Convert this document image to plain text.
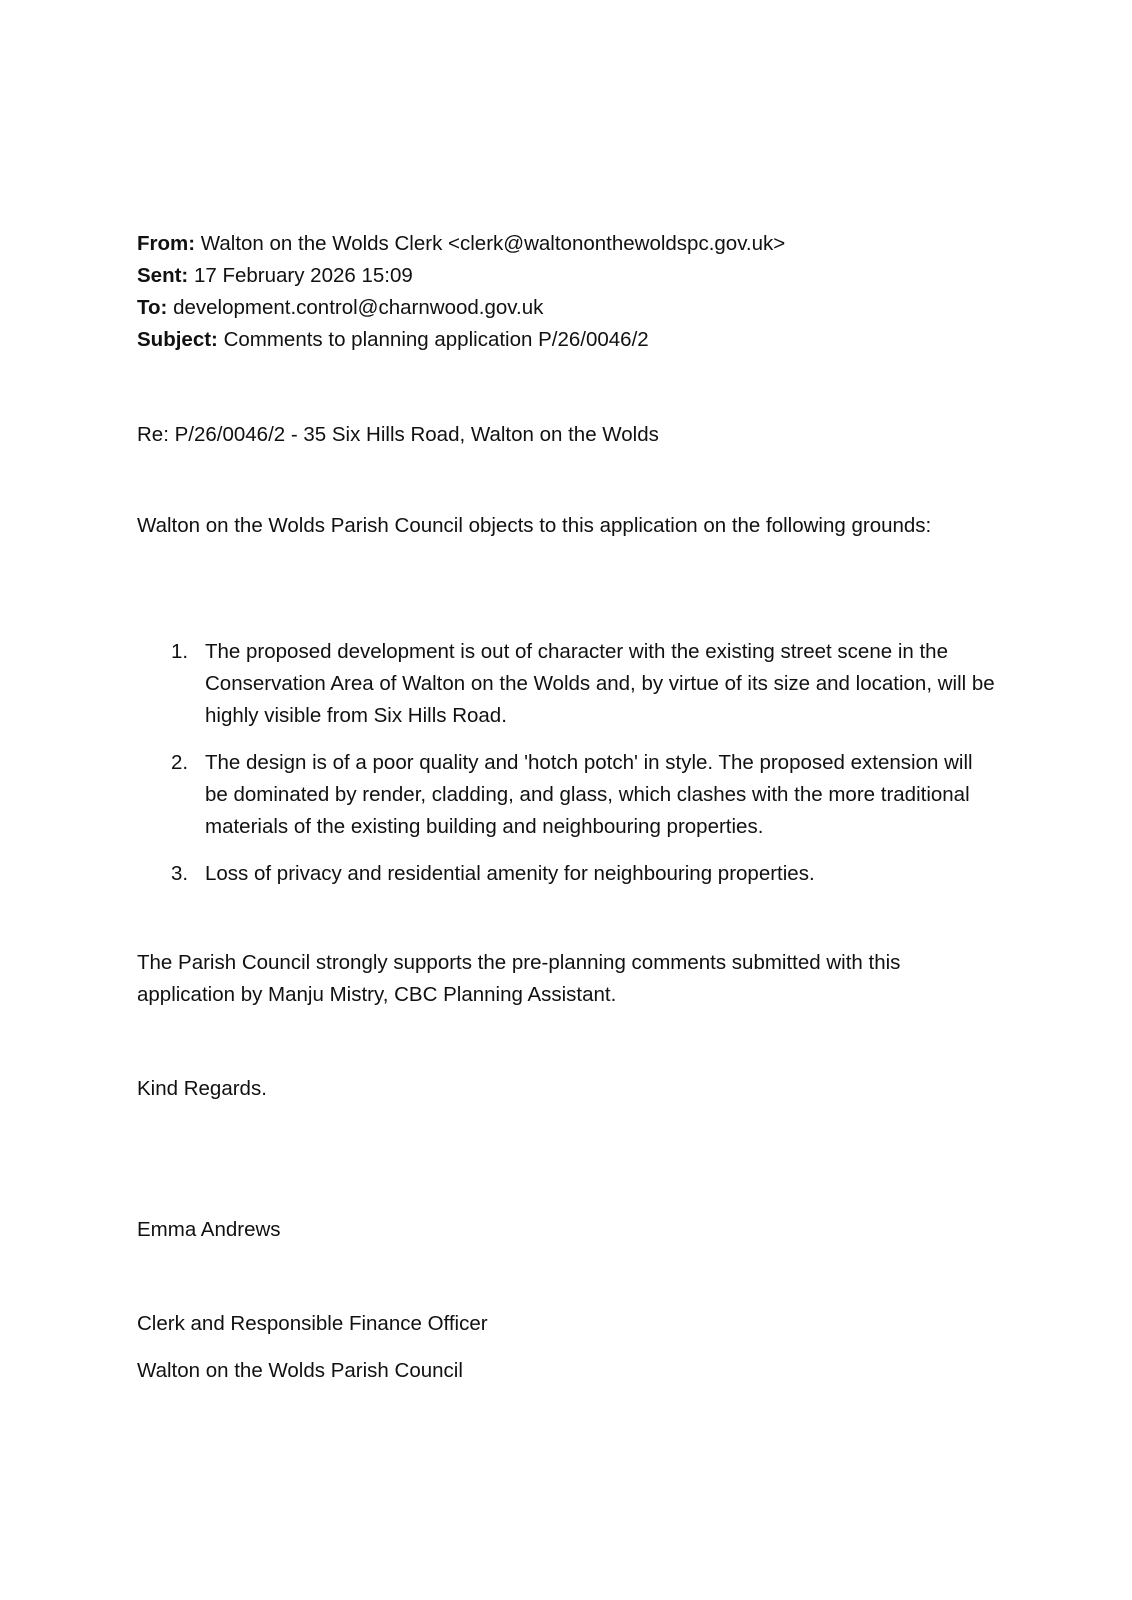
From: Walton on the Wolds Clerk <clerk@waltononthewoldspc.gov.uk>
Sent: 17 February 2026 15:09
To: development.control@charnwood.gov.uk
Subject: Comments to planning application P/26/0046/2
Re: P/26/0046/2 - 35 Six Hills Road, Walton on the Wolds
Walton on the Wolds Parish Council objects to this application on the following grounds:
1. The proposed development is out of character with the existing street scene in the Conservation Area of Walton on the Wolds and, by virtue of its size and location, will be highly visible from Six Hills Road.
2. The design is of a poor quality and 'hotch potch' in style. The proposed extension will be dominated by render, cladding, and glass, which clashes with the more traditional materials of the existing building and neighbouring properties.
3. Loss of privacy and residential amenity for neighbouring properties.
The Parish Council strongly supports the pre-planning comments submitted with this application by Manju Mistry, CBC Planning Assistant.
Kind Regards.
Emma Andrews
Clerk and Responsible Finance Officer
Walton on the Wolds Parish Council
